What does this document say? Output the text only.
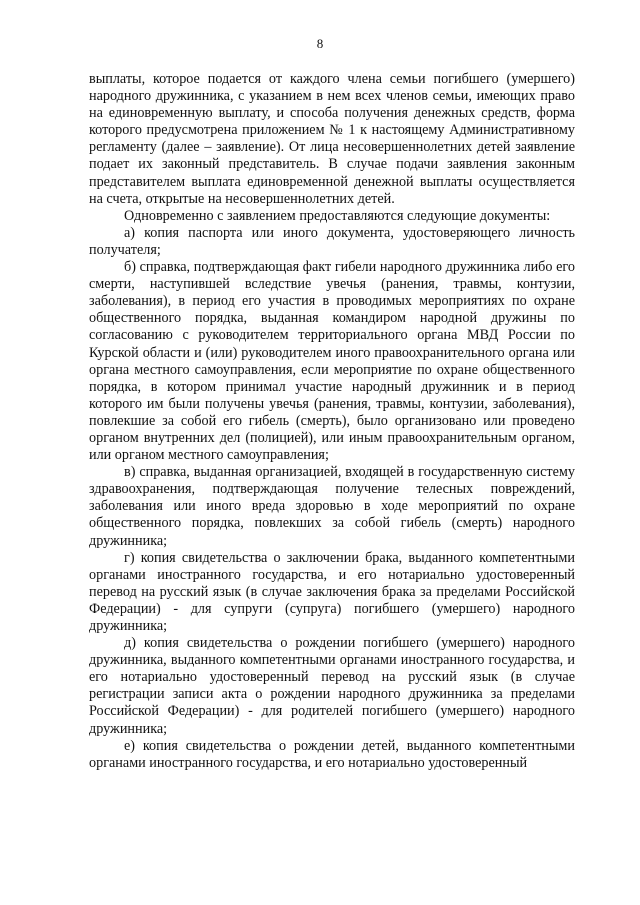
8

выплаты, которое подается от каждого члена семьи погибшего (умершего) народного дружинника, с указанием в нем всех членов семьи, имеющих право на единовременную выплату, и способа получения денежных средств, форма которого предусмотрена приложением № 1 к настоящему Административному регламенту (далее – заявление). От лица несовершеннолетних детей заявление подает их законный представитель. В случае подачи заявления законным представителем выплата единовременной денежной выплаты осуществляется на счета, открытые на несовершеннолетних детей.

Одновременно с заявлением предоставляются следующие документы:

а) копия паспорта или иного документа, удостоверяющего личность получателя;

б) справка, подтверждающая факт гибели народного дружинника либо его смерти, наступившей вследствие увечья (ранения, травмы, контузии, заболевания), в период его участия в проводимых мероприятиях по охране общественного порядка, выданная командиром народной дружины по согласованию с руководителем территориального органа МВД России по Курской области и (или) руководителем иного правоохранительного органа или органа местного самоуправления, если мероприятие по охране общественного порядка, в котором принимал участие народный дружинник и в период которого им были получены увечья (ранения, травмы, контузии, заболевания), повлекшие за собой его гибель (смерть), было организовано или проведено органом внутренних дел (полицией), или иным правоохранительным органом, или органом местного самоуправления;

в) справка, выданная организацией, входящей в государственную систему здравоохранения, подтверждающая получение телесных повреждений, заболевания или иного вреда здоровью в ходе мероприятий по охране общественного порядка, повлекших за собой гибель (смерть) народного дружинника;

г) копия свидетельства о заключении брака, выданного компетентными органами иностранного государства, и его нотариально удостоверенный перевод на русский язык (в случае заключения брака за пределами Российской Федерации) - для супруги (супруга) погибшего (умершего) народного дружинника;

д) копия свидетельства о рождении погибшего (умершего) народного дружинника, выданного компетентными органами иностранного государства, и его нотариально удостоверенный перевод на русский язык (в случае регистрации записи акта о рождении народного дружинника за пределами Российской Федерации) - для родителей погибшего (умершего) народного дружинника;

е) копия свидетельства о рождении детей, выданного компетентными органами иностранного государства, и его нотариально удостоверенный
